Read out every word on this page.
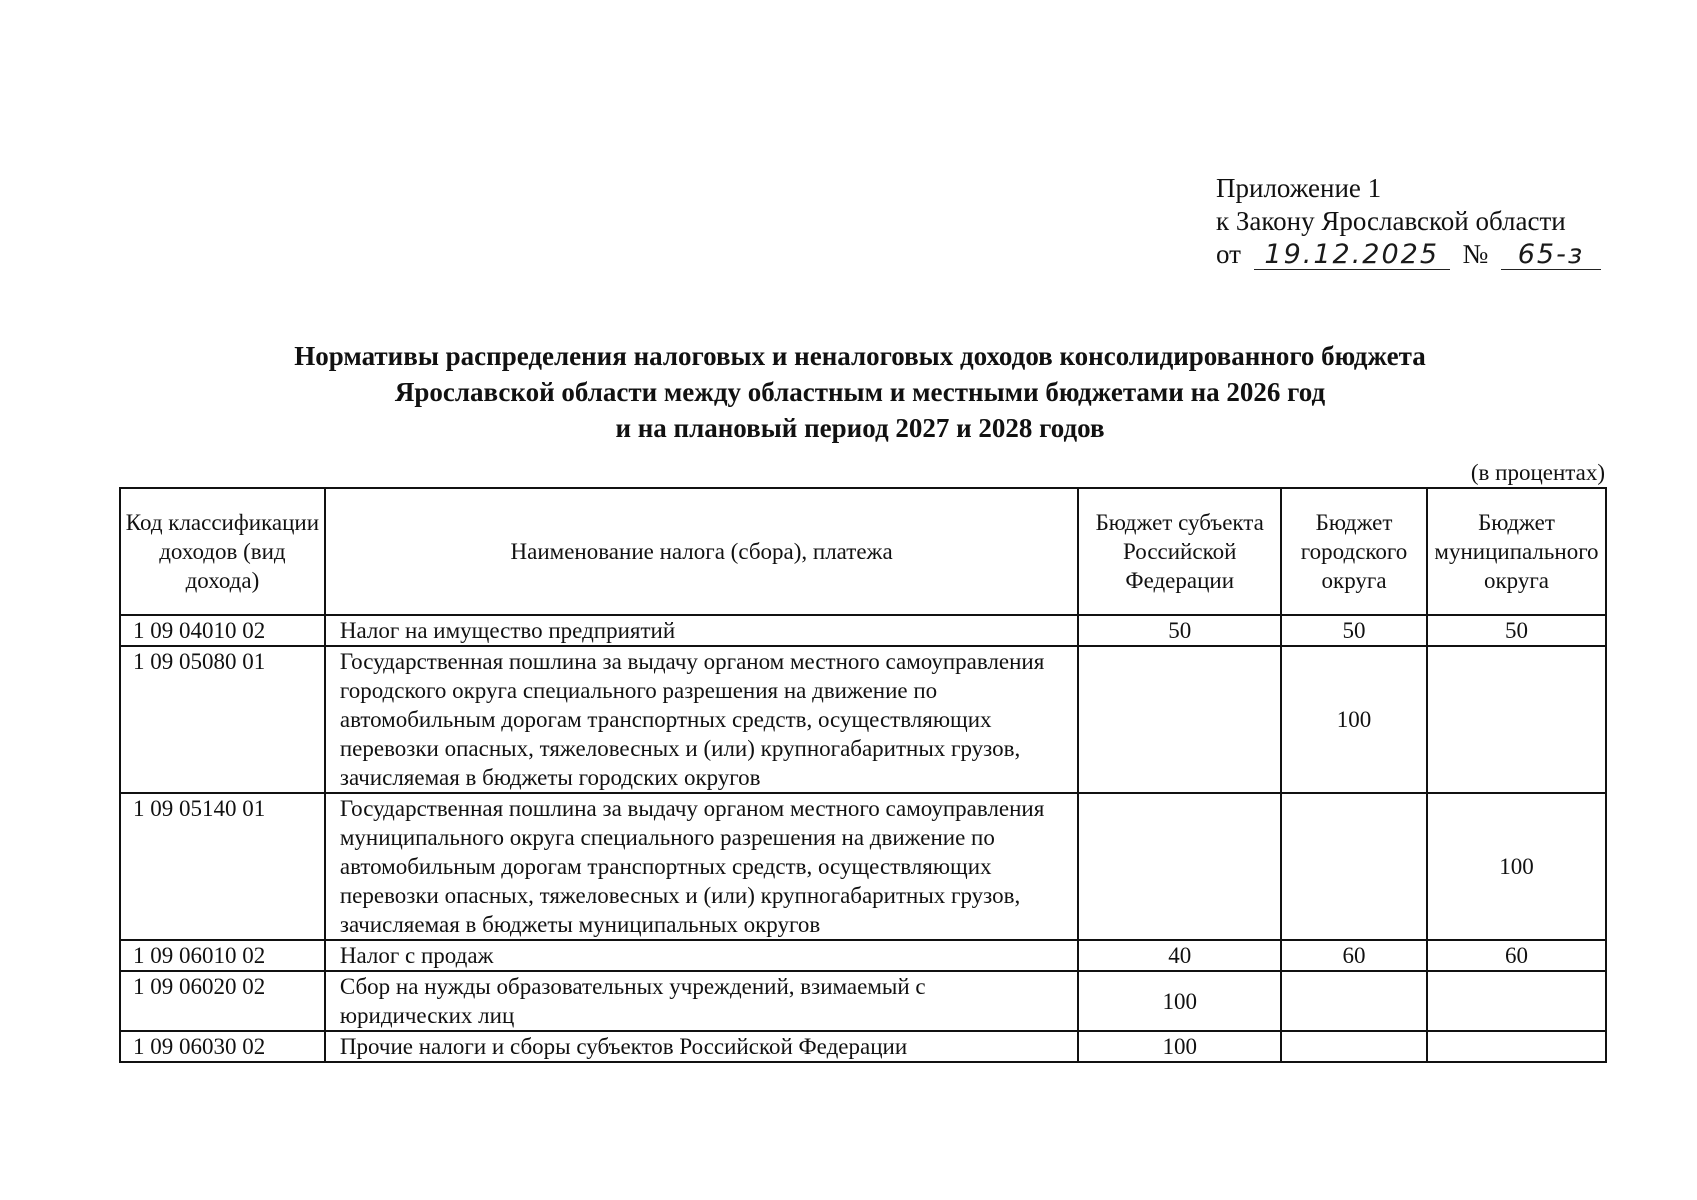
Приложение 1
к Закону Ярославской области
от 19.12.2025 № 65-з
Нормативы распределения налоговых и неналоговых доходов консолидированного бюджета
Ярославской области между областным и местными бюджетами на 2026 год
и на плановый период 2027 и 2028 годов
(в процентах)
Код классификации доходов (вид дохода)	Наименование налога (сбора), платежа	Бюджет субъекта Российской Федерации	Бюджет городского округа	Бюджет муниципального округа
1 09 04010 02	Налог на имущество предприятий	50	50	50
1 09 05080 01	Государственная пошлина за выдачу органом местного самоуправления городского округа специального разрешения на движение по автомобильным дорогам транспортных средств, осуществляющих перевозки опасных, тяжеловесных и (или) крупногабаритных грузов, зачисляемая в бюджеты городских округов		100	
1 09 05140 01	Государственная пошлина за выдачу органом местного самоуправления муниципального округа специального разрешения на движение по автомобильным дорогам транспортных средств, осуществляющих перевозки опасных, тяжеловесных и (или) крупногабаритных грузов, зачисляемая в бюджеты муниципальных округов			100
1 09 06010 02	Налог с продаж	40	60	60
1 09 06020 02	Сбор на нужды образовательных учреждений, взимаемый с юридических лиц	100		
1 09 06030 02	Прочие налоги и сборы субъектов Российской Федерации	100		
